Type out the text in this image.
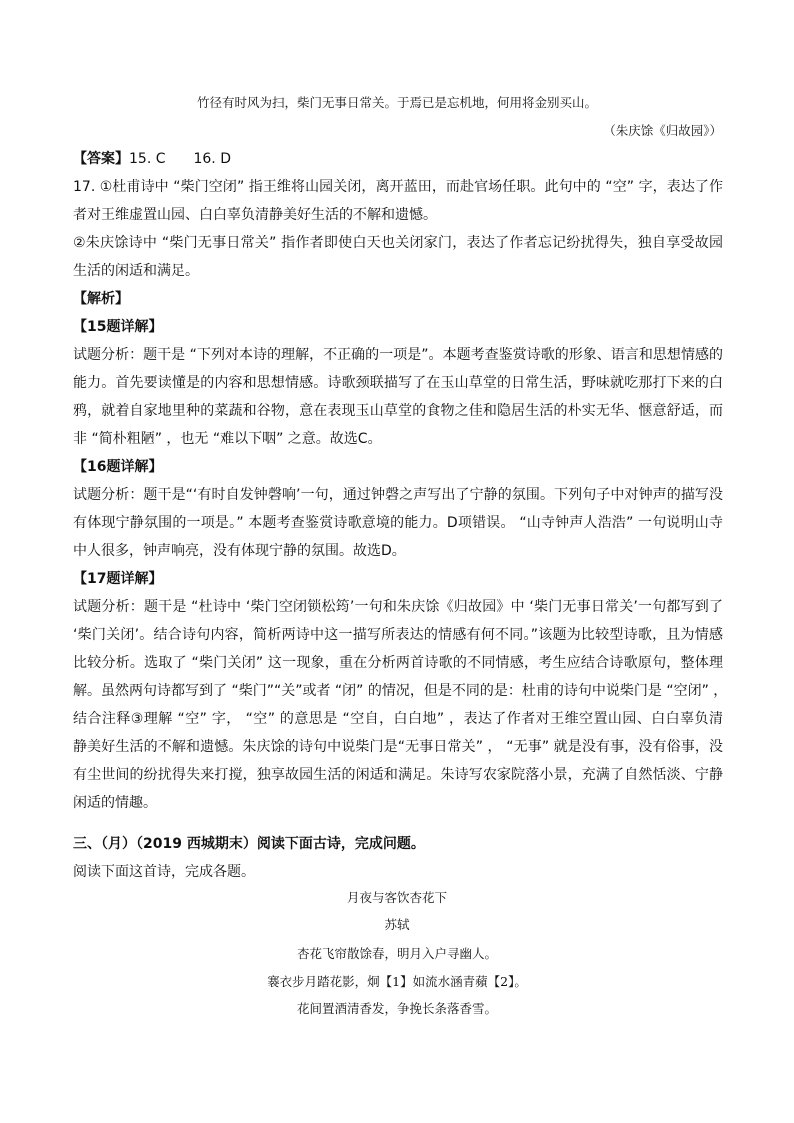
竹径有时风为扫，柴门无事日常关。于焉已是忘机地，何用将金别买山。
（朱庆馀《归故园》）
【答案】15. C　　16. D
17. ①杜甫诗中 “柴门空闭” 指王维将山园关闭，离开蓝田，而赴官场任职。此句中的 “空” 字，表达了作
者对王维虚置山园、白白辜负清静美好生活的不解和遗憾。
②朱庆馀诗中 “柴门无事日常关” 指作者即使白天也关闭家门，表达了作者忘记纷扰得失，独自享受故园
生活的闲适和满足。
【解析】
【15题详解】
试题分析：题干是 “下列对本诗的理解，不正确的一项是”。本题考查鉴赏诗歌的形象、语言和思想情感的
能力。首先要读懂是的内容和思想情感。诗歌颈联描写了在玉山草堂的日常生活，野味就吃那打下来的白
鸦，就着自家地里种的菜蔬和谷物，意在表现玉山草堂的食物之佳和隐居生活的朴实无华、惬意舒适，而
非 “简朴粗陋” ，也无 “难以下咽” 之意。故选C。
【16题详解】
试题分析：题干是“‘有时自发钟磬响’一句，通过钟磬之声写出了宁静的氛围。下列句子中对钟声的描写没
有体现宁静氛围的一项是。” 本题考查鉴赏诗歌意境的能力。D项错误。 “山寺钟声人浩浩” 一句说明山寺
中人很多，钟声响亮，没有体现宁静的氛围。故选D。
【17题详解】
试题分析：题干是 “杜诗中 ‘柴门空闭锁松筠’一句和朱庆馀《归故园》中 ‘柴门无事日常关’一句都写到了
‘柴门关闭’。结合诗句内容，简析两诗中这一描写所表达的情感有何不同。”该题为比较型诗歌，且为情感
比较分析。选取了 “柴门关闭” 这一现象，重在分析两首诗歌的不同情感，考生应结合诗歌原句，整体理
解。虽然两句诗都写到了 “柴门”“关”或者 “闭” 的情况，但是不同的是：杜甫的诗句中说柴门是 “空闭” ，
结合注释③理解 “空” 字， “空” 的意思是 “空自，白白地” ，表达了作者对王维空置山园、白白辜负清
静美好生活的不解和遗憾。朱庆馀的诗句中说柴门是“无事日常关” ， “无事” 就是没有事，没有俗事，没
有尘世间的纷扰得失来打搅，独享故园生活的闲适和满足。朱诗写农家院落小景，充满了自然恬淡、宁静
闲适的情趣。
三、（月）（2019 西城期末）阅读下面古诗，完成问题。
阅读下面这首诗，完成各题。
月夜与客饮杏花下
苏轼
杏花飞帘散馀春，明月入户寻幽人。
褰衣步月踏花影，炯【1】如流水涵青蘋【2】。
花间置酒清香发，争挽长条落香雪。
